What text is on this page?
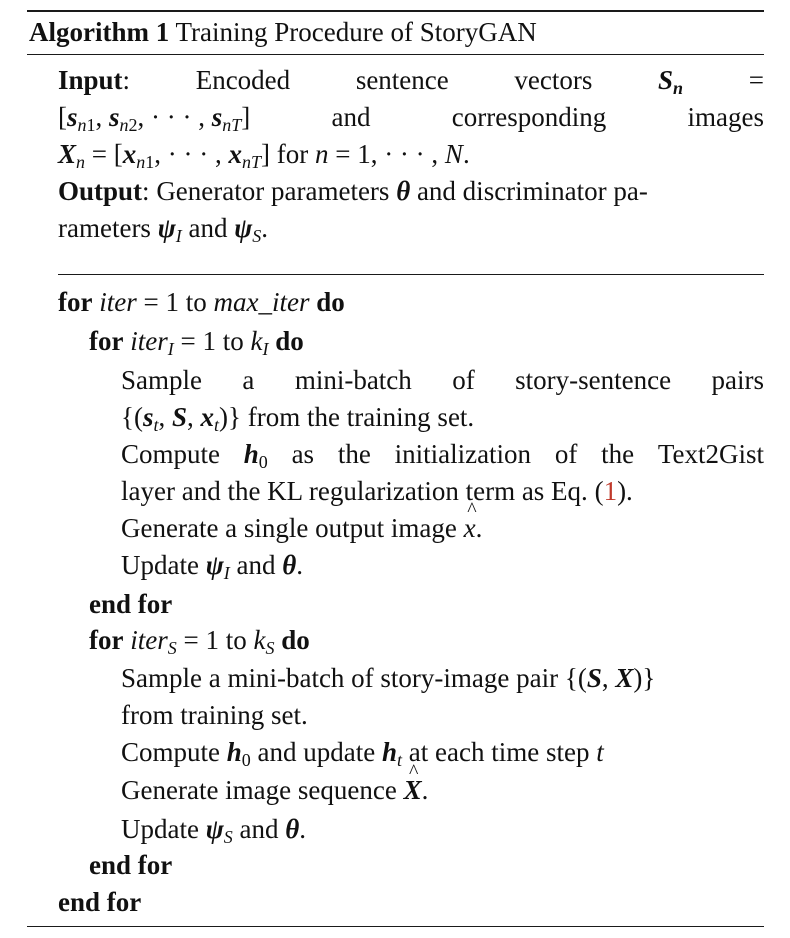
Algorithm 1 Training Procedure of StoryGAN
Input: Encoded sentence vectors $S_n$ =
[$s_{n1}$, $s_{n2}$, · · · , $s_{nT}$]	and	corresponding	images
$X_n = [x_{n1}$, · · · , $x_{nT}$] for n = 1, · · · , N.
Output: Generator parameters θ and discriminator pa-
rameters $\psi_I$ and $\psi_S$.
for iter = 1 to max_iter do
for iter$_I$ = 1 to $k_I$ do
Sample a mini-batch of story-sentence pairs
{($s_t$, S, $x_t$)} from the training set.
Compute $h_0$ as the initialization of the Text2Gist
layer and the KL regularization term as Eq. (1).
Generate a single output image ^ x.
Update $\psi_I$ and θ.
end for
for iter$_S$ = 1 to $k_S$ do
Sample a mini-batch of story-image pair {(S, X)}
from training set.
Compute $h_0$ and update $h_t$ at each time step t
Generate image sequence ^ X.
Update $\psi_S$ and θ.
end for
end for
